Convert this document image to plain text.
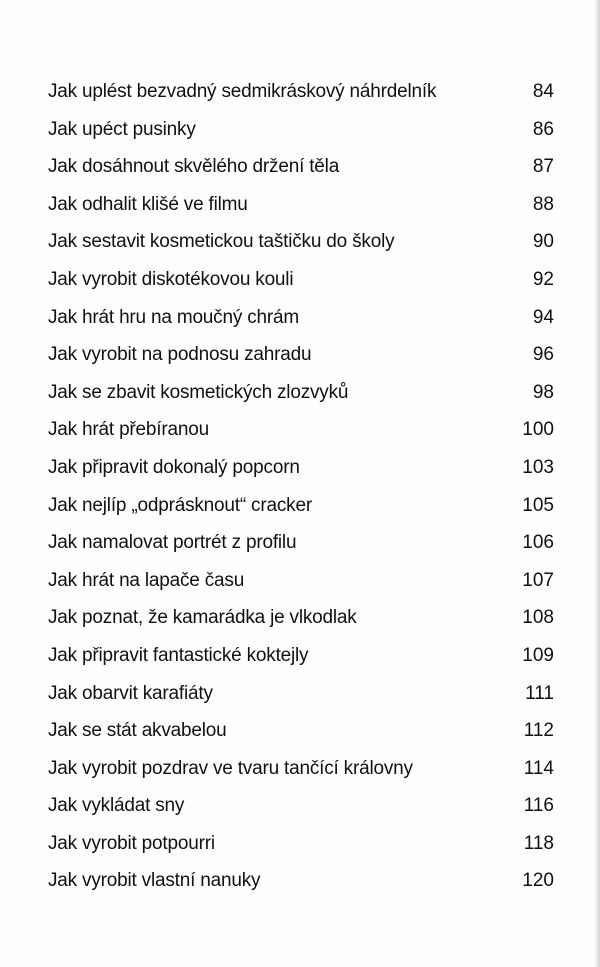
Jak uplést bezvadný sedmikráskový náhrdelník	84
Jak upéct pusinky	86
Jak dosáhnout skvělého držení těla	87
Jak odhalit klišé ve filmu	88
Jak sestavit kosmetickou taštičku do školy	90
Jak vyrobit diskotékovou kouli	92
Jak hrát hru na moučný chrám	94
Jak vyrobit na podnosu zahradu	96
Jak se zbavit kosmetických zlozvyků	98
Jak hrát přebíranou	100
Jak připravit dokonalý popcorn	103
Jak nejlíp „odprásknout“ cracker	105
Jak namalovat portrét z profilu	106
Jak hrát na lapače času	107
Jak poznat, že kamarádka je vlkodlak	108
Jak připravit fantastické koktejly	109
Jak obarvit karafiáty	111
Jak se stát akvabelou	112
Jak vyrobit pozdrav ve tvaru tančící královny	114
Jak vykládat sny	116
Jak vyrobit potpourri	118
Jak vyrobit vlastní nanuky	120
